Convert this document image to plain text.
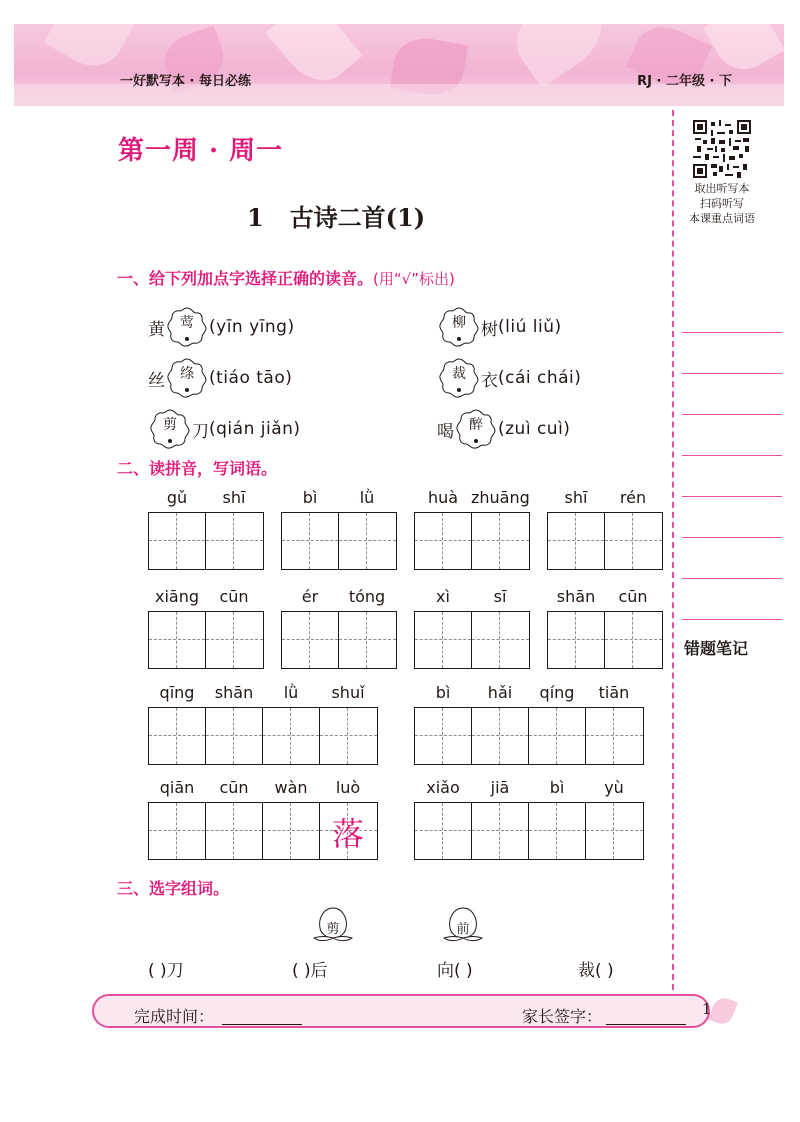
一好默写本 · 每日必练	RJ · 二年级 · 下
取出听写本
扫码听写
本课重点词语
错题笔记
第一周 · 周一
1 古诗二首(1)
一、给下列加点字选择正确的读音。(用“√”标出)
黄	莺 (yīn yīng)	柳 树 (liú liǔ)
丝	绦 (tiáo tāo)	裁 衣 (cái chái)
剪 刀 (qián jiǎn)	喝	醉 (zuì cuì)
二、读拼音，写词语。
gǔ	shī	bì	lǜ	huà zhuāng	shī	rén
xiāng	cūn	ér	tóng	xì	sī	shān	cūn
qīng	shān	lǜ	shuǐ	bì	hǎi	qíng	tiān
qiān	cūn	wàn	luò
落
xiǎo	jiā	bì	yù
三、选字组词。
剪	前
( )刀	( )后	向( )	裁( )
完成时间：	家长签字：	1
